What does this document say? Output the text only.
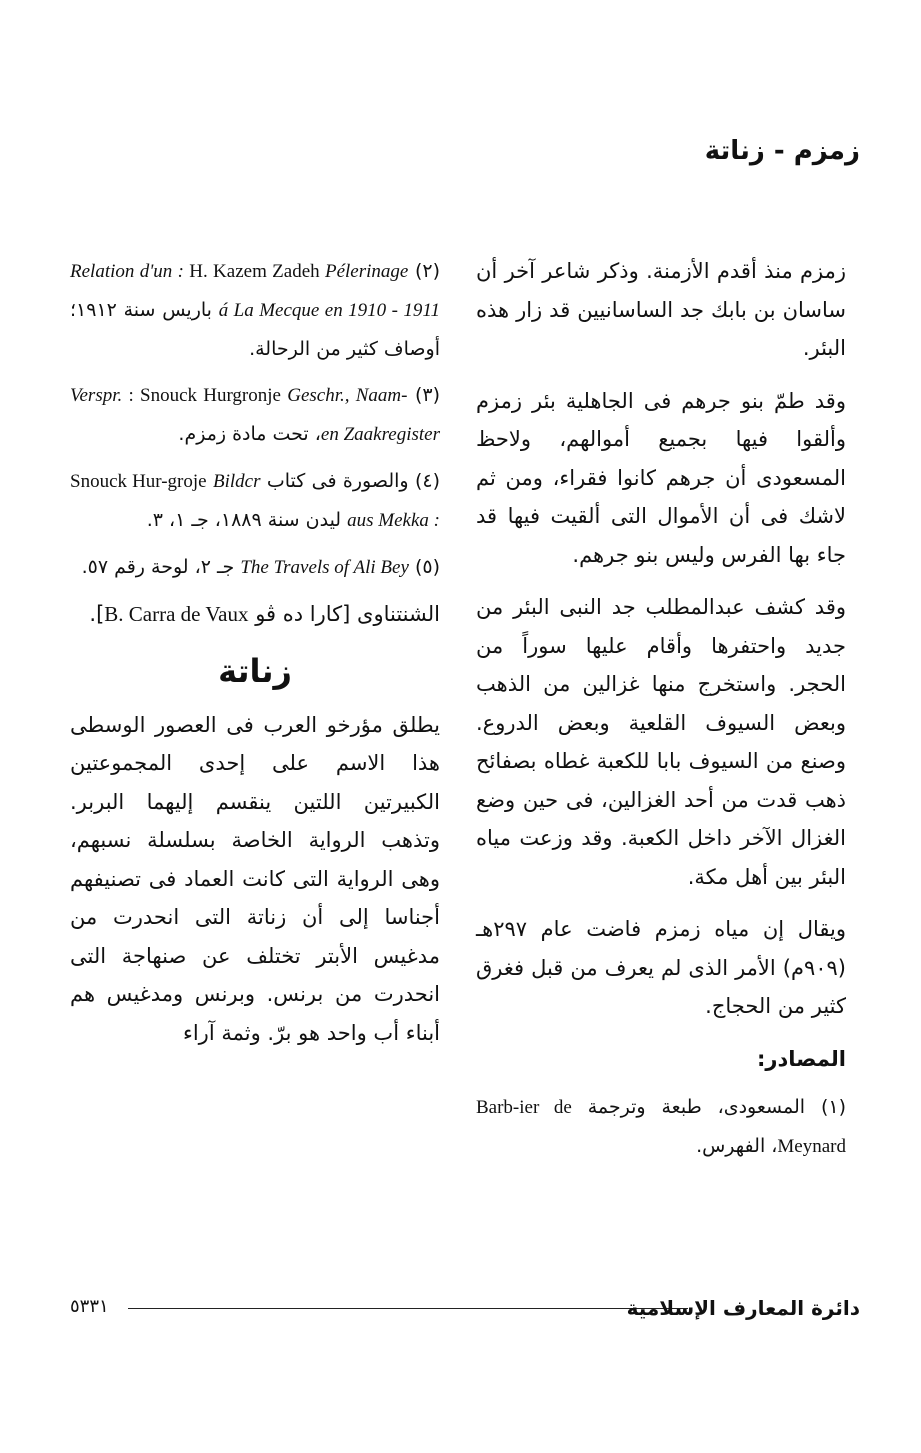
زمزم - زناتة

زمزم منذ أقدم الأزمنة. وذكر شاعر آخر أن ساسان بن بابك جد الساسانيين قد زار هذه البئر.

وقد طمّ بنو جرهم فى الجاهلية بئر زمزم وألقوا فيها بجميع أموالهم، ولاحظ المسعودى أن جرهم كانوا فقراء، ومن ثم لاشك فى أن الأموال التى ألقيت فيها قد جاء بها الفرس وليس بنو جرهم.

وقد كشف عبدالمطلب جد النبى البئر من جديد واحتفرها وأقام عليها سوراً من الحجر. واستخرج منها غزالين من الذهب وبعض السيوف القلعية وبعض الدروع. وصنع من السيوف بابا للكعبة غطاه بصفائح ذهب قدت من أحد الغزالين، فى حين وضع الغزال الآخر داخل الكعبة. وقد وزعت مياه البئر بين أهل مكة.

ويقال إن مياه زمزم فاضت عام ٢٩٧هـ (٩٠٩م) الأمر الذى لم يعرف من قبل فغرق كثير من الحجاج.

المصادر:

(١) المسعودى، طبعة وترجمة Barb-ier de Meynard، الفهرس.

(٢) Relation d'un : H. Kazem Zadeh Pélerinage á La Mecque en 1910 - 1911 باريس سنة ١٩١٢؛ أوصاف كثير من الرحالة.

(٣) Verspr. : Snouck Hurgronje Geschr., Naam-en Zaakregister، تحت مادة زمزم.

(٤) والصورة فى كتاب Snouck Hur-groje Bildcr aus Mekka : ليدن سنة ١٨٨٩، جـ ١، ٣.

(٥) The Travels of Ali Bey جـ ٢، لوحة رقم ٥٧.

الشنتناوى [كارا ده ڤو B. Carra de Vaux].

زناتة

يطلق مؤرخو العرب فى العصور الوسطى هذا الاسم على إحدى المجموعتين الكبيرتين اللتين ينقسم إليهما البربر. وتذهب الرواية الخاصة بسلسلة نسبهم، وهى الرواية التى كانت العماد فى تصنيفهم أجناسا إلى أن زناتة التى انحدرت من مدغيس الأبتر تختلف عن صنهاجة التى انحدرت من برنس. وبرنس ومدغيس هم أبناء أب واحد هو برّ. وثمة آراء

٥٣٣١	دائرة المعارف الإسلامية
